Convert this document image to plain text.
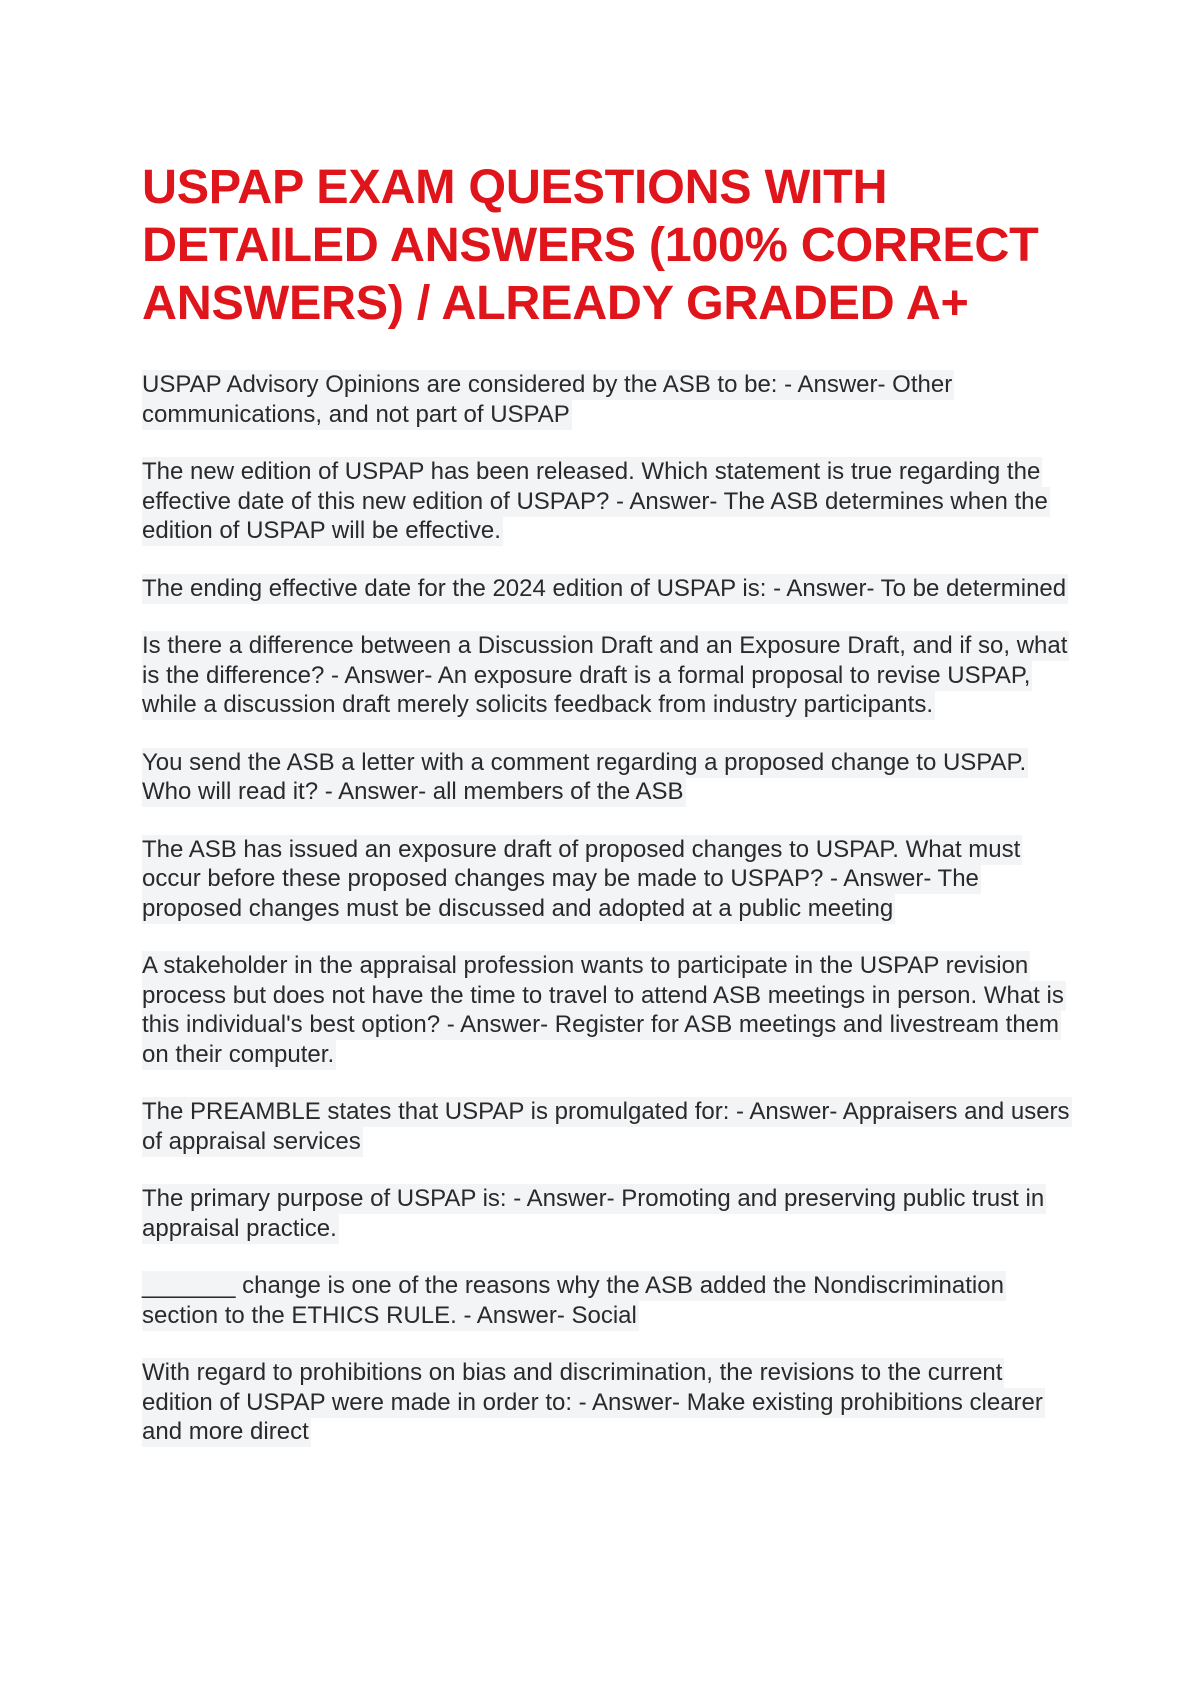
USPAP EXAM QUESTIONS WITH DETAILED ANSWERS (100% CORRECT ANSWERS) / ALREADY GRADED A+
USPAP Advisory Opinions are considered by the ASB to be: - Answer- Other communications, and not part of USPAP
The new edition of USPAP has been released. Which statement is true regarding the effective date of this new edition of USPAP? - Answer- The ASB determines when the edition of USPAP will be effective.
The ending effective date for the 2024 edition of USPAP is: - Answer- To be determined
Is there a difference between a Discussion Draft and an Exposure Draft, and if so, what is the difference? - Answer- An exposure draft is a formal proposal to revise USPAP, while a discussion draft merely solicits feedback from industry participants.
You send the ASB a letter with a comment regarding a proposed change to USPAP. Who will read it? - Answer- all members of the ASB
The ASB has issued an exposure draft of proposed changes to USPAP. What must occur before these proposed changes may be made to USPAP? - Answer- The proposed changes must be discussed and adopted at a public meeting
A stakeholder in the appraisal profession wants to participate in the USPAP revision process but does not have the time to travel to attend ASB meetings in person. What is this individual's best option? - Answer- Register for ASB meetings and livestream them on their computer.
The PREAMBLE states that USPAP is promulgated for: - Answer- Appraisers and users of appraisal services
The primary purpose of USPAP is: - Answer- Promoting and preserving public trust in appraisal practice.
_______ change is one of the reasons why the ASB added the Nondiscrimination section to the ETHICS RULE. - Answer- Social
With regard to prohibitions on bias and discrimination, the revisions to the current edition of USPAP were made in order to: - Answer- Make existing prohibitions clearer and more direct
